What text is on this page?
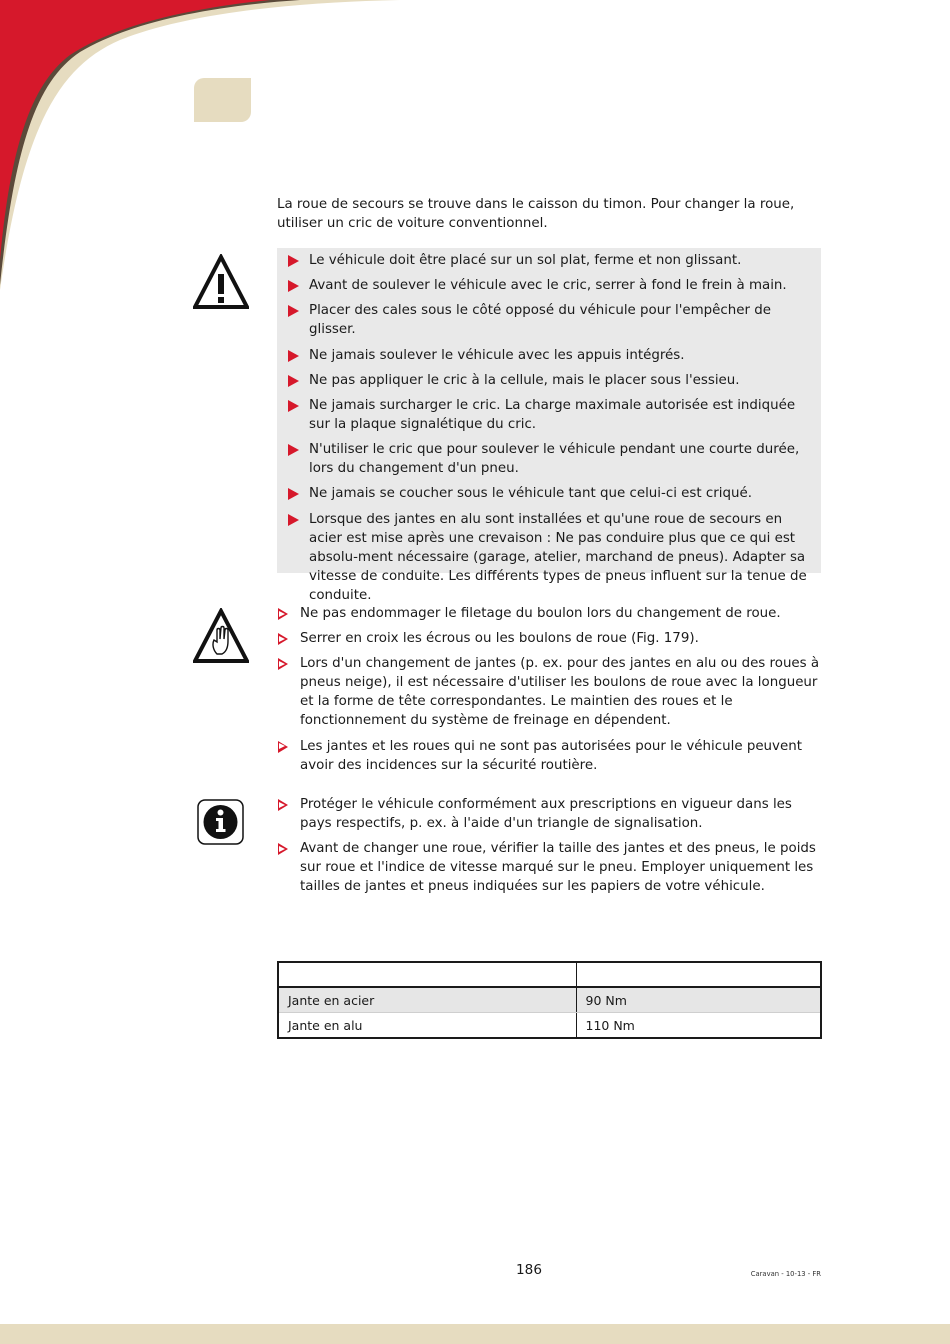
La roue de secours se trouve dans le caisson du timon. Pour changer la roue, utiliser un cric de voiture conventionnel.

Le véhicule doit être placé sur un sol plat, ferme et non glissant.
Avant de soulever le véhicule avec le cric, serrer à fond le frein à main.
Placer des cales sous le côté opposé du véhicule pour l'empêcher de glisser.
Ne jamais soulever le véhicule avec les appuis intégrés.
Ne pas appliquer le cric à la cellule, mais le placer sous l'essieu.
Ne jamais surcharger le cric. La charge maximale autorisée est indiquée sur la plaque signalétique du cric.
N'utiliser le cric que pour soulever le véhicule pendant une courte durée, lors du changement d'un pneu.
Ne jamais se coucher sous le véhicule tant que celui-ci est criqué.
Lorsque des jantes en alu sont installées et qu'une roue de secours en acier est mise après une crevaison : Ne pas conduire plus que ce qui est absolu-ment nécessaire (garage, atelier, marchand de pneus). Adapter sa vitesse de conduite. Les différents types de pneus influent sur la tenue de conduite.
Ne pas endommager le filetage du boulon lors du changement de roue.
Serrer en croix les écrous ou les boulons de roue (Fig. 179).
Lors d'un changement de jantes (p. ex. pour des jantes en alu ou des roues à pneus neige), il est nécessaire d'utiliser les boulons de roue avec la longueur et la forme de tête correspondantes. Le maintien des roues et le fonctionnement du système de freinage en dépendent.
Les jantes et les roues qui ne sont pas autorisées pour le véhicule peuvent avoir des incidences sur la sécurité routière.
Protéger le véhicule conformément aux prescriptions en vigueur dans les pays respectifs, p. ex. à l'aide d'un triangle de signalisation.
Avant de changer une roue, vérifier la taille des jantes et des pneus, le poids sur roue et l'indice de vitesse marqué sur le pneu. Employer uniquement les tailles de jantes et pneus indiquées sur les papiers de votre véhicule.

Jante en acier	90 Nm
Jante en alu	110 Nm
186	Caravan - 10-13 - FR
